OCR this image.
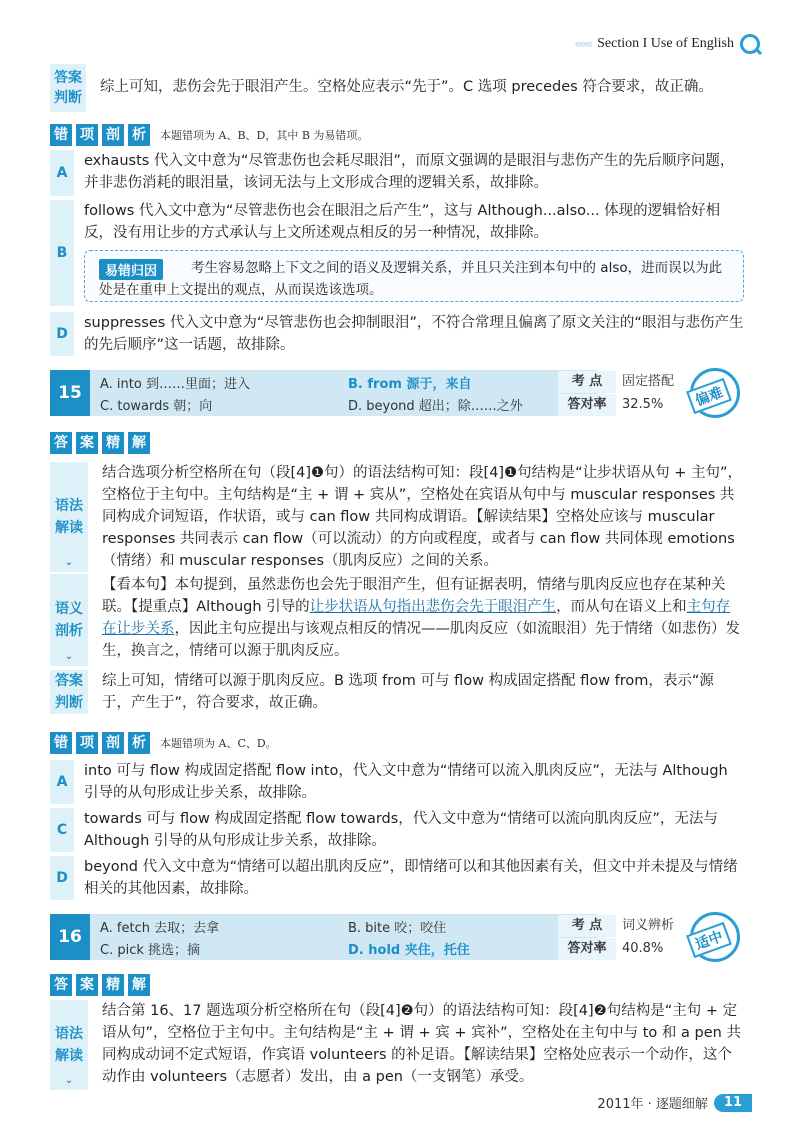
‹‹‹‹‹‹ Section I Use of English
答案判断
综上可知，悲伤会先于眼泪产生。空格处应表示“先于”。C 选项 precedes 符合要求，故正确。
错 项 剖 析	本题错项为 A、B、D，其中 B 为易错项。
A
exhausts 代入文中意为“尽管悲伤也会耗尽眼泪”，而原文强调的是眼泪与悲伤产生的先后顺序问题，并非悲伤消耗的眼泪量，该词无法与上文形成合理的逻辑关系，故排除。
B
follows 代入文中意为“尽管悲伤也会在眼泪之后产生”，这与 Although...also... 体现的逻辑恰好相反，没有用让步的方式承认与上文所述观点相反的另一种情况，故排除。
易错归因	考生容易忽略上下文之间的语义及逻辑关系，并且只关注到本句中的 also，进而误以为此处是在重申上文提出的观点，从而误选该选项。
D
suppresses 代入文中意为“尽管悲伤也会抑制眼泪”，不符合常理且偏离了原文关注的“眼泪与悲伤产生的先后顺序”这一话题，故排除。
15	A. into 到……里面；进入	B. from 源于，来自
C. towards 朝；向	D. beyond 超出；除……之外
考 点	固定搭配
答对率	32.5%	偏难
答 案 精 解
语法解读
⌄
结合选项分析空格所在句（段[4]❶句）的语法结构可知：段[4]❶句结构是“让步状语从句 + 主句”，空格位于主句中。主句结构是“主 + 谓 + 宾从”，空格处在宾语从句中与 muscular responses 共同构成介词短语，作状语，或与 can flow 共同构成谓语。【解读结果】空格处应该与 muscular responses 共同表示 can flow（可以流动）的方向或程度，或者与 can flow 共同体现 emotions（情绪）和 muscular responses（肌肉反应）之间的关系。
语义剖析
⌄
【看本句】本句提到，虽然悲伤也会先于眼泪产生，但有证据表明，情绪与肌肉反应也存在某种关联。【提重点】Although 引导的让步状语从句指出悲伤会先于眼泪产生，而从句在语义上和主句存在让步关系，因此主句应提出与该观点相反的情况——肌肉反应（如流眼泪）先于情绪（如悲伤）发生，换言之，情绪可以源于肌肉反应。
答案判断
综上可知，情绪可以源于肌肉反应。B 选项 from 可与 flow 构成固定搭配 flow from，表示“源于，产生于”，符合要求，故正确。
错 项 剖 析	本题错项为 A、C、D。
A
into 可与 flow 构成固定搭配 flow into，代入文中意为“情绪可以流入肌肉反应”，无法与 Although 引导的从句形成让步关系，故排除。
C
towards 可与 flow 构成固定搭配 flow towards，代入文中意为“情绪可以流向肌肉反应”，无法与 Although 引导的从句形成让步关系，故排除。
D
beyond 代入文中意为“情绪可以超出肌肉反应”，即情绪可以和其他因素有关，但文中并未提及与情绪相关的其他因素，故排除。
16	A. fetch 去取；去拿	B. bite 咬；咬住
C. pick 挑选；摘	D. hold 夹住，托住
考 点	词义辨析
答对率	40.8%	适中
答 案 精 解
语法解读
⌄
结合第 16、17 题选项分析空格所在句（段[4]❷句）的语法结构可知：段[4]❷句结构是“主句 + 定语从句”，空格位于主句中。主句结构是“主 + 谓 + 宾 + 宾补”，空格处在主句中与 to 和 a pen 共同构成动词不定式短语，作宾语 volunteers 的补足语。【解读结果】空格处应表示一个动作，这个动作由 volunteers（志愿者）发出，由 a pen（一支钢笔）承受。
2011年 · 逐题细解	11
